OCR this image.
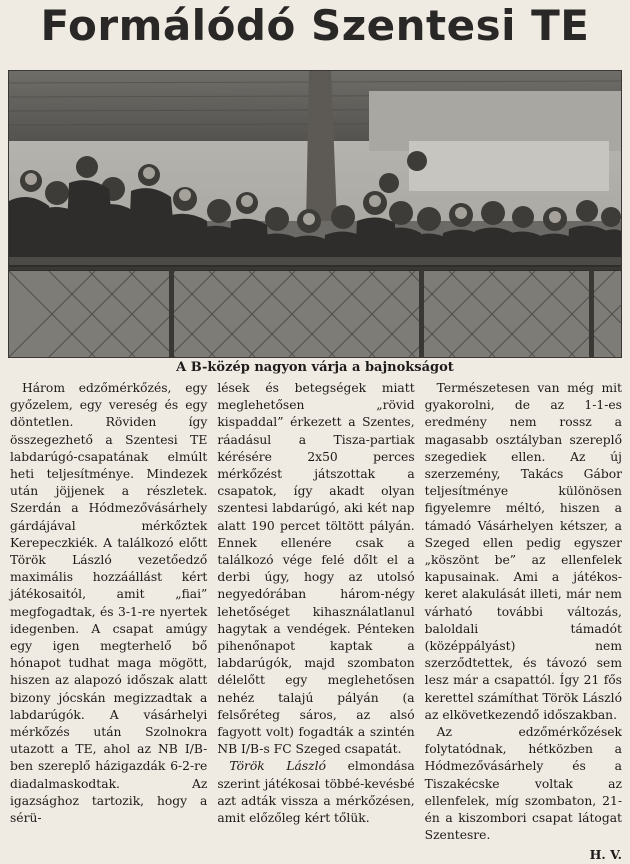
Formálódó Szentesi TE
A B-közép nagyon várja a bajnokságot

Három edzőmérkőzés, egy győzelem, egy vereség és egy döntetlen. Röviden így összegezhető a Szentesi TE labdarúgó-csapatának elmúlt heti teljesítménye. Mindezek után jöjjenek a részletek. Szerdán a Hódmezővásárhely gárdájával mérkőztek Kerepeczkiék. A találkozó előtt Török László vezetőedző maximális hozzáállást kért játékosaitól, amit „fiai” megfogadtak, és 3-1-re nyertek idegenben. A csapat amúgy egy igen megterhelő bő hónapot tudhat maga mögött, hiszen az alapozó időszak alatt bizony jócskán megizzadtak a labdarúgók. A vásárhelyi mérkőzés után Szolnokra utazott a TE, ahol az NB I/B-ben szereplő házigazdák 6-2-re diadalmaskodtak. Az igazsághoz tartozik, hogy a sérü-

lések és betegségek miatt meglehetősen „rövid kispaddal” érkezett a Szentes, ráadásul a Tisza-partiak kérésére 2x50 perces mérkőzést játszottak a csapatok, így akadt olyan szentesi labdarúgó, aki két nap alatt 190 percet töltött pályán. Ennek ellenére csak a találkozó vége felé dőlt el a derbi úgy, hogy az utolsó negyedórában három-négy lehetőséget kihasználatlanul hagytak a vendégek. Pénteken pihenőnapot kaptak a labdarúgók, majd szombaton délelőtt egy meglehetősen nehéz talajú pályán (a felsőréteg sáros, az alsó fagyott volt) fogadták a szintén NB I/B-s FC Szeged csapatát.

Török László elmondása szerint játékosai többé-kevésbé azt adták vissza a mérkőzésen, amit előzőleg kért tőlük.

Természetesen van még mit gyakorolni, de az 1-1-es eredmény nem rossz a magasabb osztályban szereplő szegediek ellen. Az új szerzemény, Takács Gábor teljesítménye különösen figyelemre méltó, hiszen a támadó Vásárhelyen kétszer, a Szeged ellen pedig egyszer „köszönt be” az ellenfelek kapusainak. Ami a játékos-keret alakulását illeti, már nem várható további változás, baloldali támadót (középpályást) nem szerződtettek, és távozó sem lesz már a csapattól. Így 21 fős kerettel számíthat Török László az elkövetkezendő időszakban.

Az edzőmérkőzések folytatódnak, hétközben a Hódmezővásárhely és a Tiszakécske voltak az ellenfelek, míg szombaton, 21-én a kiszombori csapat látogat Szentesre.

H. V.
